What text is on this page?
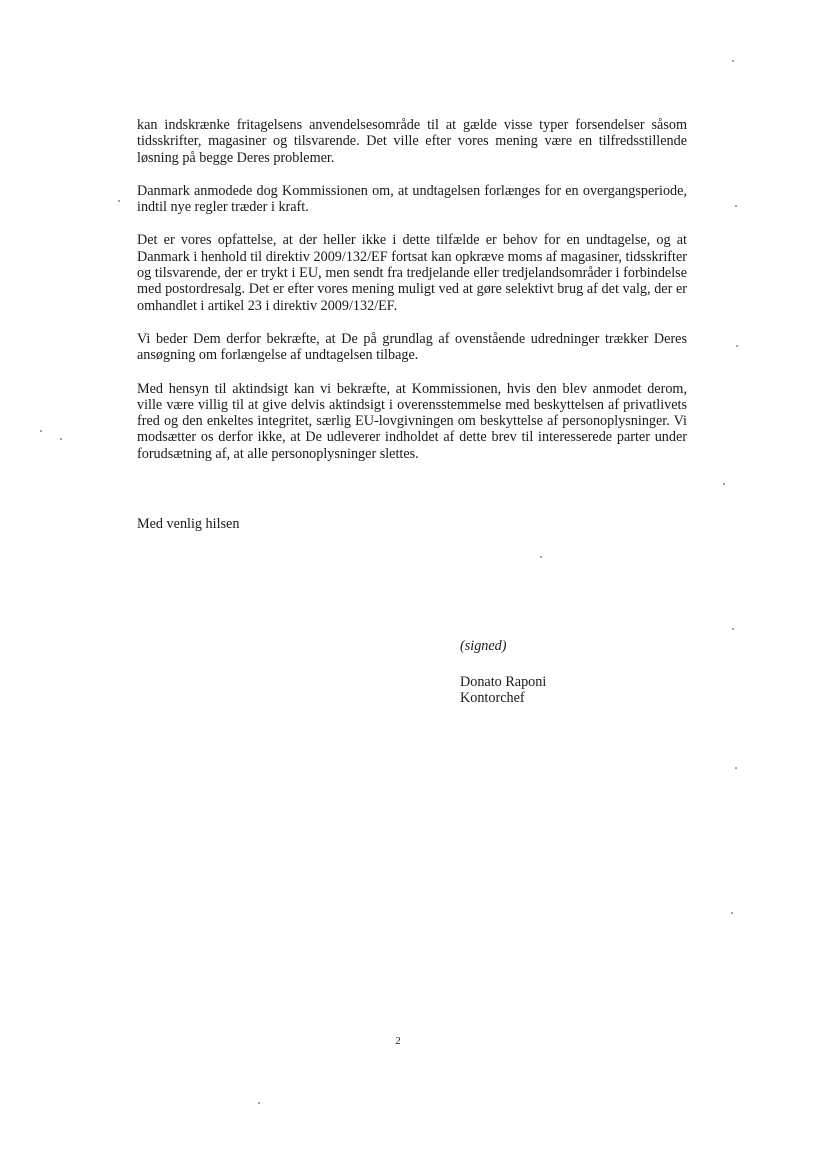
kan indskrænke fritagelsens anvendelsesområde til at gælde visse typer forsendelser såsom tidsskrifter, magasiner og tilsvarende. Det ville efter vores mening være en tilfredsstillende løsning på begge Deres problemer.

Danmark anmodede dog Kommissionen om, at undtagelsen forlænges for en overgangsperiode, indtil nye regler træder i kraft.

Det er vores opfattelse, at der heller ikke i dette tilfælde er behov for en undtagelse, og at Danmark i henhold til direktiv 2009/132/EF fortsat kan opkræve moms af magasiner, tidsskrifter og tilsvarende, der er trykt i EU, men sendt fra tredjelande eller tredjelandsområder i forbindelse med postordresalg. Det er efter vores mening muligt ved at gøre selektivt brug af det valg, der er omhandlet i artikel 23 i direktiv 2009/132/EF.

Vi beder Dem derfor bekræfte, at De på grundlag af ovenstående udredninger trækker Deres ansøgning om forlængelse af undtagelsen tilbage.

Med hensyn til aktindsigt kan vi bekræfte, at Kommissionen, hvis den blev anmodet derom, ville være villig til at give delvis aktindsigt i overensstemmelse med beskyttelsen af privatlivets fred og den enkeltes integritet, særlig EU-lovgivningen om beskyttelse af personoplysninger. Vi modsætter os derfor ikke, at De udleverer indholdet af dette brev til interesserede parter under forudsætning af, at alle personoplysninger slettes.

Med venlig hilsen
(signed)
Donato Raponi
Kontorchef
2
